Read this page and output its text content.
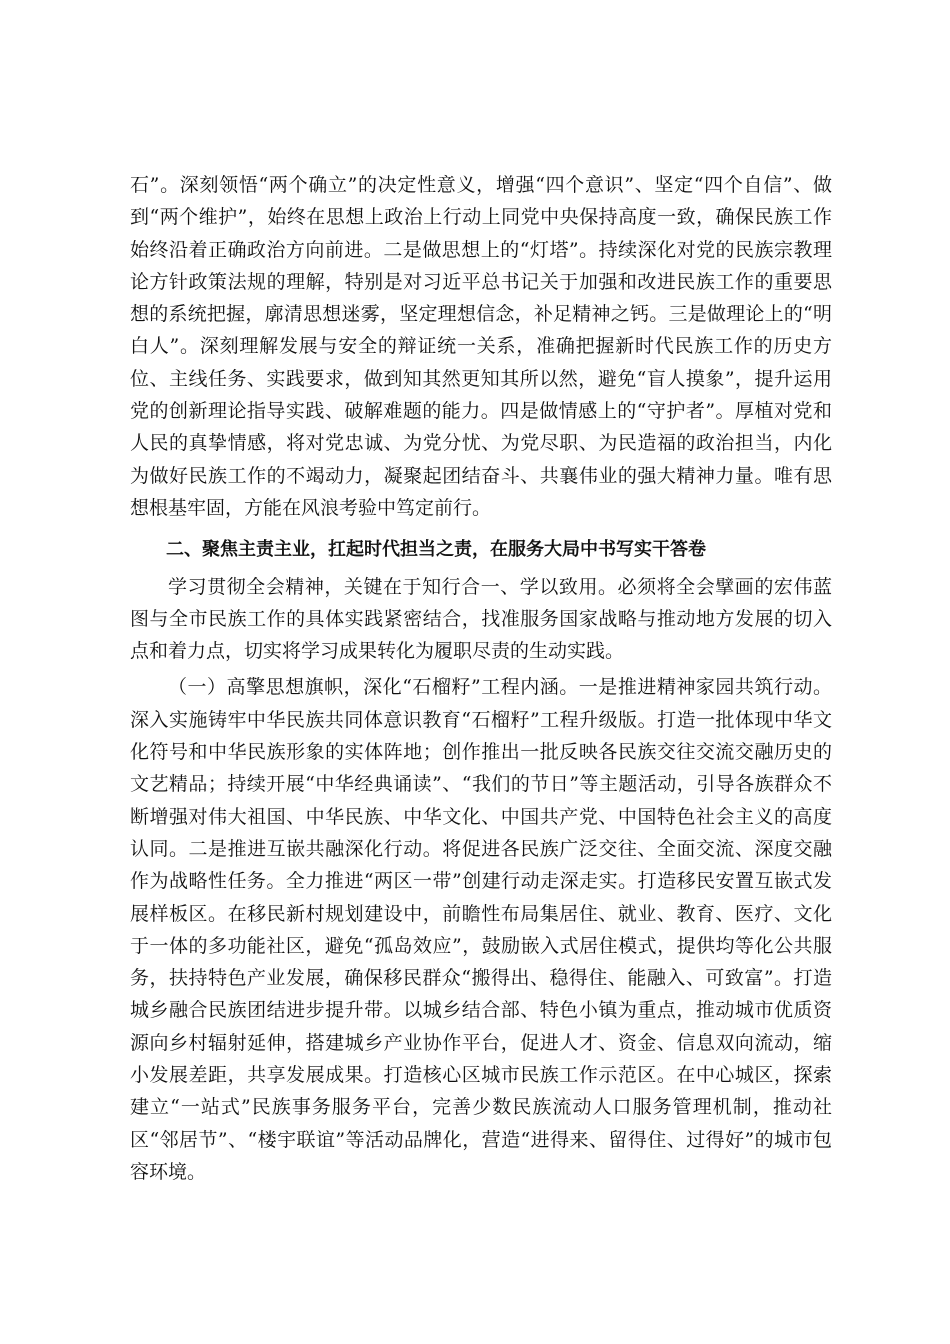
石”。深刻领悟“两个确立”的决定性意义，增强“四个意识”、坚定“四个自信”、做到“两个维护”，始终在思想上政治上行动上同党中央保持高度一致，确保民族工作始终沿着正确政治方向前进。二是做思想上的“灯塔”。持续深化对党的民族宗教理论方针政策法规的理解，特别是对习近平总书记关于加强和改进民族工作的重要思想的系统把握，廓清思想迷雾，坚定理想信念，补足精神之钙。三是做理论上的“明白人”。深刻理解发展与安全的辩证统一关系，准确把握新时代民族工作的历史方位、主线任务、实践要求，做到知其然更知其所以然，避免“盲人摸象”，提升运用党的创新理论指导实践、破解难题的能力。四是做情感上的“守护者”。厚植对党和人民的真挚情感，将对党忠诚、为党分忧、为党尽职、为民造福的政治担当，内化为做好民族工作的不竭动力，凝聚起团结奋斗、共襄伟业的强大精神力量。唯有思想根基牢固，方能在风浪考验中笃定前行。

二、聚焦主责主业，扛起时代担当之责，在服务大局中书写实干答卷

学习贯彻全会精神，关键在于知行合一、学以致用。必须将全会擘画的宏伟蓝图与全市民族工作的具体实践紧密结合，找准服务国家战略与推动地方发展的切入点和着力点，切实将学习成果转化为履职尽责的生动实践。

（一）高擎思想旗帜，深化“石榴籽”工程内涵。一是推进精神家园共筑行动。深入实施铸牢中华民族共同体意识教育“石榴籽”工程升级版。打造一批体现中华文化符号和中华民族形象的实体阵地；创作推出一批反映各民族交往交流交融历史的文艺精品；持续开展“中华经典诵读”、“我们的节日”等主题活动，引导各族群众不断增强对伟大祖国、中华民族、中华文化、中国共产党、中国特色社会主义的高度认同。二是推进互嵌共融深化行动。将促进各民族广泛交往、全面交流、深度交融作为战略性任务。全力推进“两区一带”创建行动走深走实。打造移民安置互嵌式发展样板区。在移民新村规划建设中，前瞻性布局集居住、就业、教育、医疗、文化于一体的多功能社区，避免“孤岛效应”，鼓励嵌入式居住模式，提供均等化公共服务，扶持特色产业发展，确保移民群众“搬得出、稳得住、能融入、可致富”。打造城乡融合民族团结进步提升带。以城乡结合部、特色小镇为重点，推动城市优质资源向乡村辐射延伸，搭建城乡产业协作平台，促进人才、资金、信息双向流动，缩小发展差距，共享发展成果。打造核心区城市民族工作示范区。在中心城区，探索建立“一站式”民族事务服务平台，完善少数民族流动人口服务管理机制，推动社区“邻居节”、“楼宇联谊”等活动品牌化，营造“进得来、留得住、过得好”的城市包容环境。
